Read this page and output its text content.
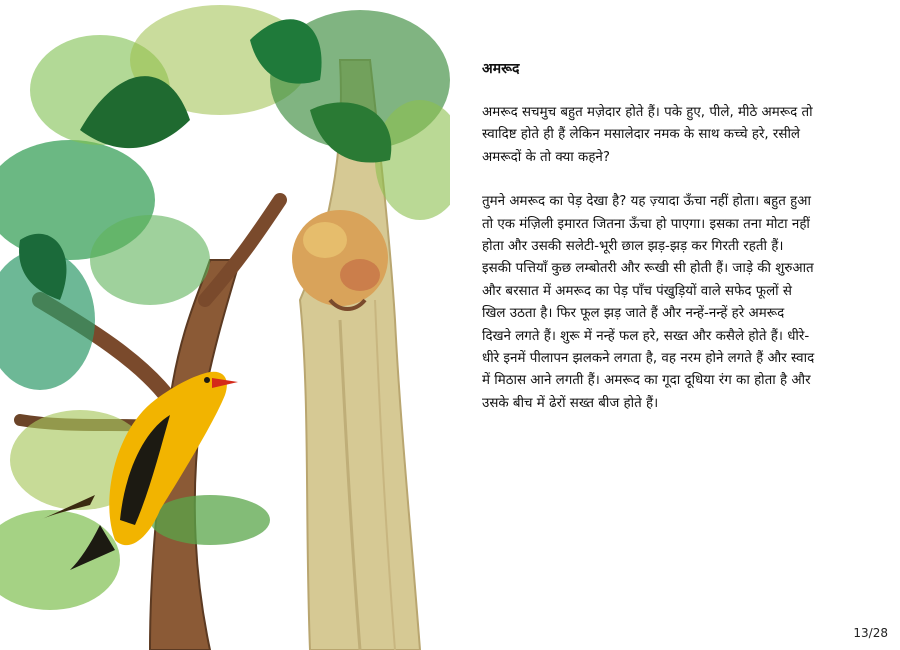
अमरूद
अमरूद सचमुच बहुत मज़ेदार होते हैं। पके हुए, पीले, मीठे अमरूद तो
स्वादिष्ट होते ही हैं लेकिन मसालेदार नमक के साथ कच्चे हरे, रसीले
अमरूदों के तो क्या कहने?
तुमने अमरूद का पेड़ देखा है? यह ज़्यादा ऊँचा नहीं होता। बहुत हुआ
तो एक मंज़िली इमारत जितना ऊँचा हो पाएगा। इसका तना मोटा नहीं
होता और उसकी सलेटी-भूरी छाल झड़-झड़ कर गिरती रहती हैं।
इसकी पत्तियाँ कुछ लम्बोतरी और रूखी सी होती हैं। जाड़े की शुरुआत
और बरसात में अमरूद का पेड़ पाँच पंखुड़ियों वाले सफेद फूलों से
खिल उठता है। फिर फूल झड़ जाते हैं और नन्हें-नन्हें हरे अमरूद
दिखने लगते हैं। शुरू में नन्हें फल हरे, सख्त और कसैले होते हैं। धीरे-
धीरे इनमें पीलापन झलकने लगता है, वह नरम होने लगते हैं और स्वाद
में मिठास आने लगती हैं। अमरूद का गूदा दूधिया रंग का होता है और
उसके बीच में ढेरों सख्त बीज होते हैं।
13/28
